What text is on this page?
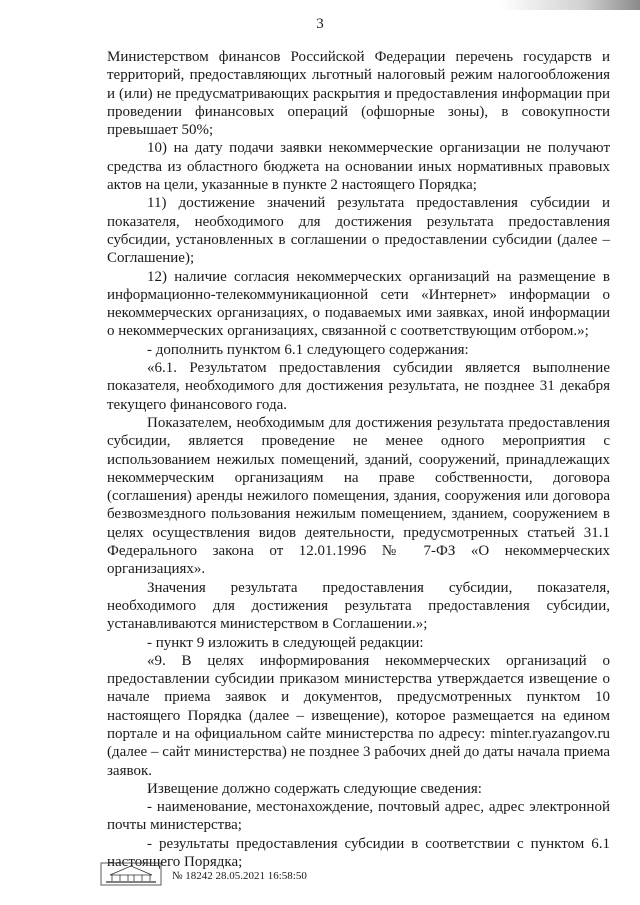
3

Министерством финансов Российской Федерации перечень государств и территорий, предоставляющих льготный налоговый режим налогообложения и (или) не предусматривающих раскрытия и предоставления информации при проведении финансовых операций (офшорные зоны), в совокупности превышает 50%;

10) на дату подачи заявки некоммерческие организации не получают средства из областного бюджета на основании иных нормативных правовых актов на цели, указанные в пункте 2 настоящего Порядка;

11) достижение значений результата предоставления субсидии и показателя, необходимого для достижения результата предоставления субсидии, установленных в соглашении о предоставлении субсидии (далее – Соглашение);

12) наличие согласия некоммерческих организаций на размещение в информационно-телекоммуникационной сети «Интернет» информации о некоммерческих организациях, о подаваемых ими заявках, иной информации о некоммерческих организациях, связанной с соответствующим отбором.»;

- дополнить пунктом 6.1 следующего содержания:

«6.1. Результатом предоставления субсидии является выполнение показателя, необходимого для достижения результата, не позднее 31 декабря текущего финансового года.

Показателем, необходимым для достижения результата предоставления субсидии, является проведение не менее одного мероприятия с использованием нежилых помещений, зданий, сооружений, принадлежащих некоммерческим организациям на праве собственности, договора (соглашения) аренды нежилого помещения, здания, сооружения или договора безвозмездного пользования нежилым помещением, зданием, сооружением в целях осуществления видов деятельности, предусмотренных статьей 31.1 Федерального закона от 12.01.1996 № 7-ФЗ «О некоммерческих организациях».

Значения результата предоставления субсидии, показателя, необходимого для достижения результата предоставления субсидии, устанавливаются министерством в Соглашении.»;

- пункт 9 изложить в следующей редакции:

«9. В целях информирования некоммерческих организаций о предоставлении субсидии приказом министерства утверждается извещение о начале приема заявок и документов, предусмотренных пунктом 10 настоящего Порядка (далее – извещение), которое размещается на едином портале и на официальном сайте министерства по адресу: minter.ryazangov.ru (далее – сайт министерства) не позднее 3 рабочих дней до даты начала приема заявок.

Извещение должно содержать следующие сведения:

- наименование, местонахождение, почтовый адрес, адрес электронной почты министерства;

- результаты предоставления субсидии в соответствии с пунктом 6.1 настоящего Порядка;

№ 18242 28.05.2021 16:58:50
